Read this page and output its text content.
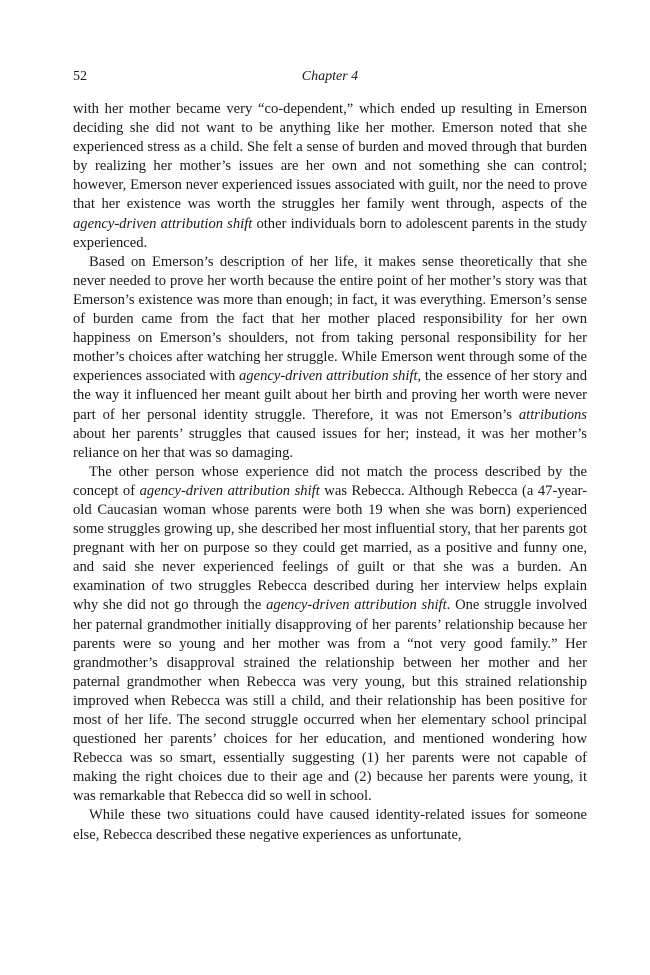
52	Chapter 4

with her mother became very “co-dependent,” which ended up resulting in Emerson deciding she did not want to be anything like her mother. Emerson noted that she experienced stress as a child. She felt a sense of burden and moved through that burden by realizing her mother’s issues are her own and not something she can control; however, Emerson never experienced issues associated with guilt, nor the need to prove that her existence was worth the struggles her family went through, aspects of the agency-driven attribution shift other individuals born to adolescent parents in the study experienced.

Based on Emerson’s description of her life, it makes sense theoretically that she never needed to prove her worth because the entire point of her mother’s story was that Emerson’s existence was more than enough; in fact, it was everything. Emerson’s sense of burden came from the fact that her mother placed responsibility for her own happiness on Emerson’s shoulders, not from taking personal responsibility for her mother’s choices after watching her struggle. While Emerson went through some of the experiences associated with agency-driven attribution shift, the essence of her story and the way it influenced her meant guilt about her birth and proving her worth were never part of her personal identity struggle. Therefore, it was not Emerson’s attributions about her parents’ struggles that caused issues for her; instead, it was her mother’s reliance on her that was so damaging.

The other person whose experience did not match the process described by the concept of agency-driven attribution shift was Rebecca. Although Rebecca (a 47-year-old Caucasian woman whose parents were both 19 when she was born) experienced some struggles growing up, she described her most influential story, that her parents got pregnant with her on purpose so they could get married, as a positive and funny one, and said she never experienced feelings of guilt or that she was a burden. An examination of two struggles Rebecca described during her interview helps explain why she did not go through the agency-driven attribution shift. One struggle involved her paternal grandmother initially disapproving of her parents’ relationship because her parents were so young and her mother was from a “not very good family.” Her grandmother’s disapproval strained the relationship between her mother and her paternal grandmother when Rebecca was very young, but this strained relationship improved when Rebecca was still a child, and their relationship has been positive for most of her life. The second struggle occurred when her elementary school principal questioned her parents’ choices for her education, and mentioned wondering how Rebecca was so smart, essentially suggesting (1) her parents were not capable of making the right choices due to their age and (2) because her parents were young, it was remarkable that Rebecca did so well in school.

While these two situations could have caused identity-related issues for someone else, Rebecca described these negative experiences as unfortunate,
